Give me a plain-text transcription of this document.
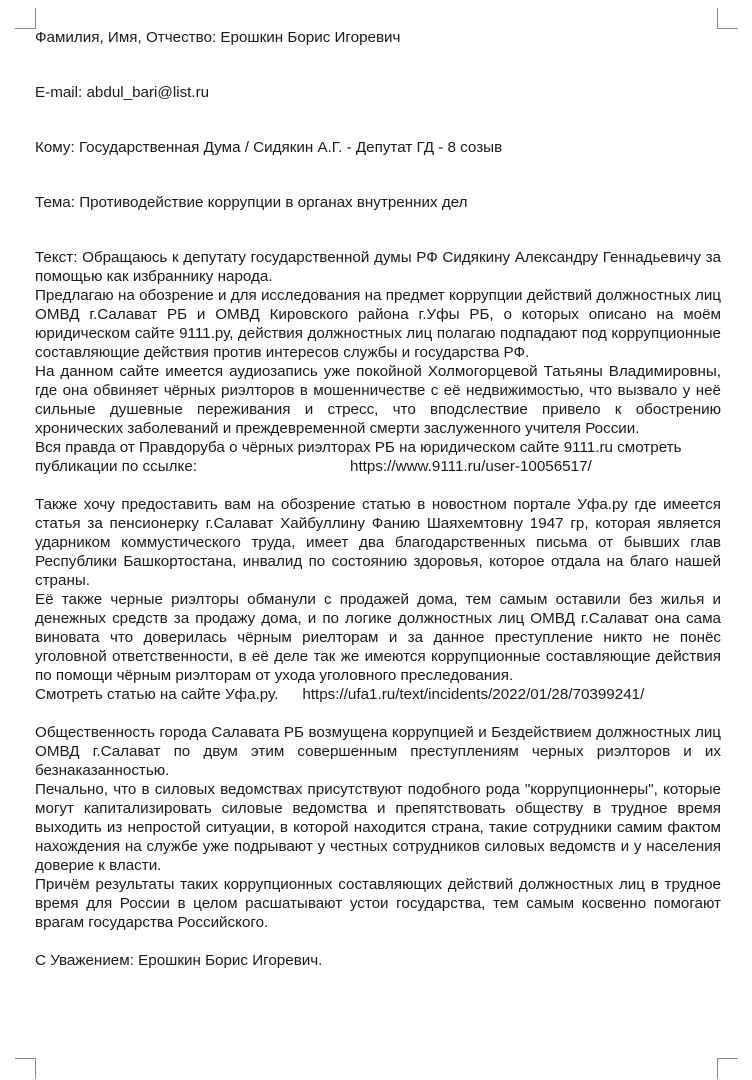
Фамилия, Имя, Отчество: Ерошкин Борис Игоревич

E-mail: abdul_bari@list.ru

Кому: Государственная Дума / Сидякин А.Г. - Депутат ГД - 8 созыв

Тема: Противодействие коррупции в органах внутренних дел

Текст: Обращаюсь к депутату государственной думы РФ Сидякину Александру Геннадьевичу за помощью как избраннику народа.

Предлагаю на обозрение и для исследования на предмет коррупции действий должностных лиц ОМВД г.Салават РБ и ОМВД Кировского района г.Уфы РБ, о которых описано на моём юридическом сайте 9111.ру, действия должностных лиц полагаю подпадают под коррупционные составляющие действия против интересов службы и государства РФ.

На данном сайте имеется аудиозапись уже покойной Холмогорцевой Татьяны Владимировны, где она обвиняет чёрных риэлторов в мошенничестве с её недвижимостью, что вызвало у неё сильные душевные переживания и стресс, что вподслествие привело к обострению хронических заболеваний и преждевременной смерти заслуженного учителя России.

Вся правда от Правдоруба о чёрных риэлторах РБ на юридическом сайте 9111.ru смотреть

публикации по ссылке:	https://www.9111.ru/user-10056517/

Также хочу предоставить вам на обозрение статью в новостном портале Уфа.ру где имеется статья за пенсионерку г.Салават Хайбуллину Фанию Шаяхемтовну 1947 гр, которая является ударником коммустического труда, имеет два благодарственных письма от бывших глав Республики Башкортостана, инвалид по состоянию здоровья, которое отдала на благо нашей страны.

Её также черные риэлторы обманули с продажей дома, тем самым оставили без жилья и денежных средств за продажу дома, и по логике должностных лиц ОМВД г.Салават она сама виновата что доверилась чёрным риелторам и за данное преступление никто не понёс уголовной ответственности, в её деле так же имеются коррупционные составляющие действия по помощи чёрным риэлторам от ухода уголовного преследования.

Смотреть статью на сайте Уфа.ру. https://ufa1.ru/text/incidents/2022/01/28/70399241/

Общественность города Салавата РБ возмущена коррупцией и Бездействием должностных лиц ОМВД г.Салават по двум этим совершенным преступлениям черных риэлторов и их безнаказанностью.

Печально, что в силовых ведомствах присутствуют подобного рода "коррупционнеры", которые могут капитализировать силовые ведомства и препятствовать обществу в трудное время выходить из непростой ситуации, в которой находится страна, такие сотрудники самим фактом нахождения на службе уже подрывают у честных сотрудников силовых ведомств и у населения доверие к власти.

Причём результаты таких коррупционных составляющих действий должностных лиц в трудное время для России в целом расшатывают устои государства, тем самым косвенно помогают врагам государства Российского.

С Уважением: Ерошкин Борис Игоревич.
